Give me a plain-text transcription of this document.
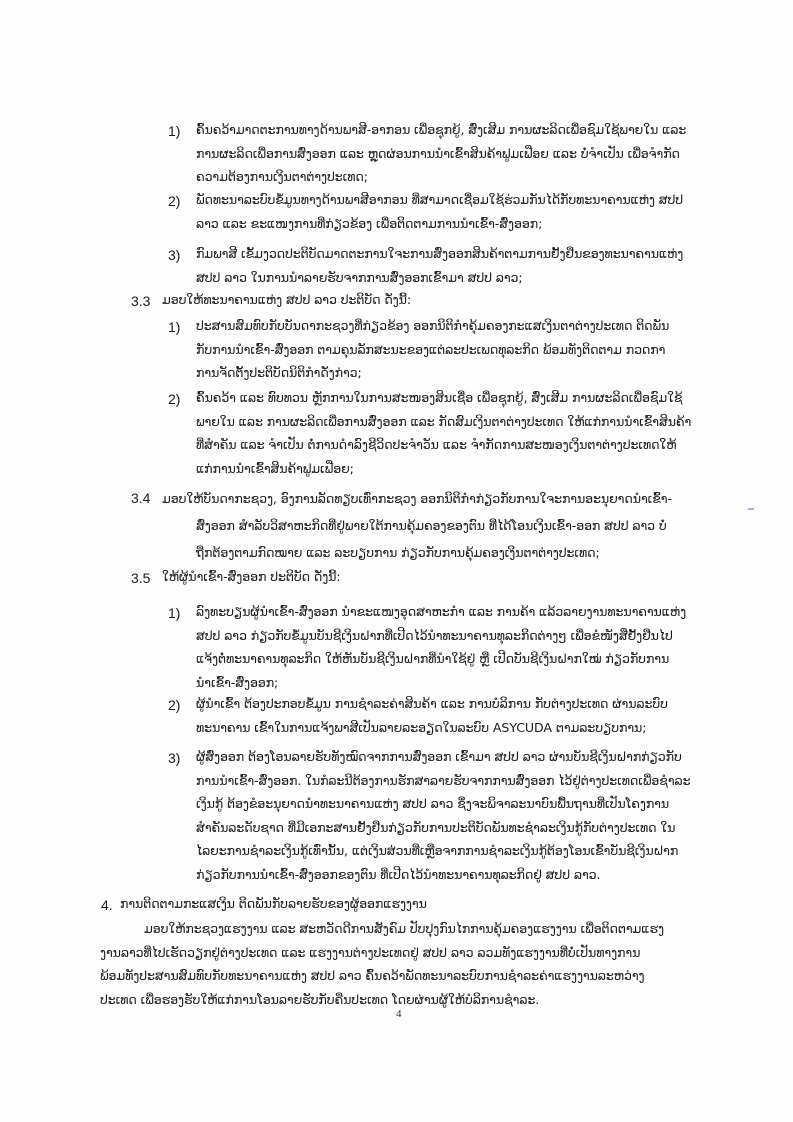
1) ຄົ້ນຄວ້າມາດຕະການທາງດ້ານພາສີ-ອາກອນ ເພື່ອຊຸກຍູ້, ສົ່ງເສີມ ການຜະລິດເພື່ອຊົມໃຊ້ພາຍໃນ ແລະ
ການຜະລິດເພື່ອການສົ່ງອອກ ແລະ ຫຼຸດຜ່ອນການນຳເຂົ້າສິນຄ້າຟູມເຟືອຍ ແລະ ບໍ່ຈຳເປັນ ເພື່ອຈຳກັດ
ຄວາມຕ້ອງການເງິນຕາຕ່າງປະເທດ;
2) ພັດທະນາລະບົບຂໍ້ມູນທາງດ້ານພາສີອາກອນ ທີ່ສາມາດເຊື່ອມໃຊ້ຮ່ວມກັນໄດ້ກັບທະນາຄານແຫ່ງ ສປປ
ລາວ ແລະ ຂະແໜງການທີ່ກ່ຽວຂ້ອງ ເພື່ອຕິດຕາມການນຳເຂົ້າ-ສົ່ງອອກ;
3) ກົມພາສີ ເຂັ້ມງວດປະຕິບັດມາດຕະການໃຈະການສົ່ງອອກສິນຄ້າຕາມການຢັ້ງຢືນຂອງທະນາຄານແຫ່ງ
ສປປ ລາວ ໃນການນຳລາຍຮັບຈາກການສົ່ງອອກເຂົ້າມາ ສປປ ລາວ;
3.3 ມອບໃຫ້ທະນາຄານແຫ່ງ ສປປ ລາວ ປະຕິບັດ ດັ່ງນີ້:
1) ປະສານສົມທົບກັບບັນດາກະຊວງທີ່ກ່ຽວຂ້ອງ ອອກນິຕິກຳຄຸ້ມຄອງກະແສເງິນຕາຕ່າງປະເທດ ຕິດພັນ
ກັບການນຳເຂົ້າ-ສົ່ງອອກ ຕາມຄຸນລັກສະນະຂອງແຕ່ລະປະເພດທຸລະກິດ ພ້ອມທັງຕິດຕາມ ກວດກາ
ການຈັດຕັ້ງປະຕິບັດນິຕິກຳດັ່ງກ່າວ;
2) ຄົ້ນຄວ້າ ແລະ ທົບທວນ ຫຼັກການໃນການສະໜອງສິນເຊື່ອ ເພື່ອຊຸກຍູ້, ສົ່ງເສີມ ການຜະລິດເພື່ອຊົມໃຊ້
ພາຍໃນ ແລະ ການຜະລິດເພື່ອການສົ່ງອອກ ແລະ ກັດສົມເງິນຕາຕ່າງປະເທດ ໃຫ້ແກ່ການນຳເຂົ້າສິນຄ້າ
ທີ່ສຳຄັນ ແລະ ຈຳເປັນ ຕໍ່ການດຳລົງຊີວິດປະຈຳວັນ ແລະ ຈຳກັດການສະໜອງເງິນຕາຕ່າງປະເທດໃຫ້
ແກ່ການນຳເຂົ້າສິນຄ້າຟູມເຟືອຍ;
3.4 ມອບໃຫ້ບັນດາກະຊວງ, ອົງການລັດທຽບເທົ່າກະຊວງ ອອກນິຕິກຳກ່ຽວກັບການໃຈະການອະນຸຍາດນຳເຂົ້າ-
ສົ່ງອອກ ສຳລັບວິສາຫະກິດທີ່ຢູ່ພາຍໃຕ້ການຄຸ້ມຄອງຂອງຕົນ ທີ່ໄດ້ໂອນເງິນເຂົ້າ-ອອກ ສປປ ລາວ ບໍ່
ຖືກຕ້ອງຕາມກົດໝາຍ ແລະ ລະບຽບການ ກ່ຽວກັບການຄຸ້ມຄອງເງິນຕາຕ່າງປະເທດ;
3.5 ໃຫ້ຜູ້ນຳເຂົ້າ-ສົ່ງອອກ ປະຕິບັດ ດັ່ງນີ້:
1) ລົງທະບຽນຜູ້ນຳເຂົ້າ-ສົ່ງອອກ ນຳຂະແໜງອຸດສາຫະກຳ ແລະ ການຄ້າ ແລ້ວລາຍງານທະນາຄານແຫ່ງ
ສປປ ລາວ ກ່ຽວກັບຂໍ້ມູນບັນຊີເງິນຝາກທີ່ເປີດໄວ້ນຳທະນາຄານທຸລະກິດຕ່າງໆ ເພື່ອຂໍໜັງສືຢັ້ງຢືນໄປ
ແຈ້ງຕໍ່ທະນາຄານທຸລະກິດ ໃຫ້ຫັນບັນຊີເງິນຝາກທີ່ນຳໃຊ້ຢູ່ ຫຼື ເປີດບັນຊີເງິນຝາກໃໝ່ ກ່ຽວກັບການ
ນຳເຂົ້າ-ສົ່ງອອກ;
2) ຜູ້ນຳເຂົ້າ ຕ້ອງປະກອບຂໍ້ມູນ ການຊຳລະຄ່າສິນຄ້າ ແລະ ການບໍລິການ ກັບຕ່າງປະເທດ ຜ່ານລະບົບ
ທະນາຄານ ເຂົ້າໃນການແຈ້ງພາສີເປັນລາຍລະອຽດໃນລະບົບ ASYCUDA ຕາມລະບຽບການ;
3) ຜູ້ສົ່ງອອກ ຕ້ອງໂອນລາຍຮັບທັງໝົດຈາກການສົ່ງອອກ ເຂົ້າມາ ສປປ ລາວ ຜ່ານບັນຊີເງິນຝາກກ່ຽວກັບ
ການນຳເຂົ້າ-ສົ່ງອອກ. ໃນກໍລະນີຕ້ອງການຮັກສາລາຍຮັບຈາກການສົ່ງອອກ ໄວ້ຢູ່ຕ່າງປະເທດເພື່ອຊຳລະ
ເງິນກູ້ ຕ້ອງຂໍອະນຸຍາດນຳທະນາຄານແຫ່ງ ສປປ ລາວ ຊຶ່ງຈະພິຈາລະນາບົນພື້ນຖານທີ່ເປັນໂຄງການ
ສຳຄັນລະດັບຊາດ ທີ່ມີເອກະສານຢັ້ງຢືນກ່ຽວກັບການປະຕິບັດພັນທະຊຳລະເງິນກູ້ກັບຕ່າງປະເທດ ໃນ
ໄລຍະການຊຳລະເງິນກູ້ເທົ່ານັ້ນ, ແຕ່ເງິນສ່ວນທີ່ເຫຼືອຈາກການຊຳລະເງິນກູ້ຕ້ອງໂອນເຂົ້າບັນຊີເງິນຝາກ
ກ່ຽວກັບການນຳເຂົ້າ-ສົ່ງອອກຂອງຕົນ ທີ່ເປີດໄວ້ນຳທະນາຄານທຸລະກິດຢູ່ ສປປ ລາວ.
4. ການຕິດຕາມກະແສເງິນ ຕິດພັນກັບລາຍຮັບຂອງຜູ້ອອກແຮງງານ
ມອບໃຫ້ກະຊວງແຮງງານ ແລະ ສະຫວັດດີການສັງຄົມ ປັບປຸງກົນໄກການຄຸ້ມຄອງແຮງງານ ເພື່ອຕິດຕາມແຮງ
ງານລາວທີ່ໄປເຮັດວຽກຢູ່ຕ່າງປະເທດ ແລະ ແຮງງານຕ່າງປະເທດຢູ່ ສປປ ລາວ ລວມທັງແຮງງານທີ່ບໍ່ເປັນທາງການ
ພ້ອມທັງປະສານສົມທົບກັບທະນາຄານແຫ່ງ ສປປ ລາວ ຄົ້ນຄວ້າພັດທະນາລະບົບການຊຳລະຄ່າແຮງງານລະຫວ່າງ
ປະເທດ ເພື່ອຮອງຮັບໃຫ້ແກ່ການໂອນລາຍຮັບກັບຄືນປະເທດ ໂດຍຜ່ານຜູ້ໃຫ້ບໍລິການຊຳລະ.
4
